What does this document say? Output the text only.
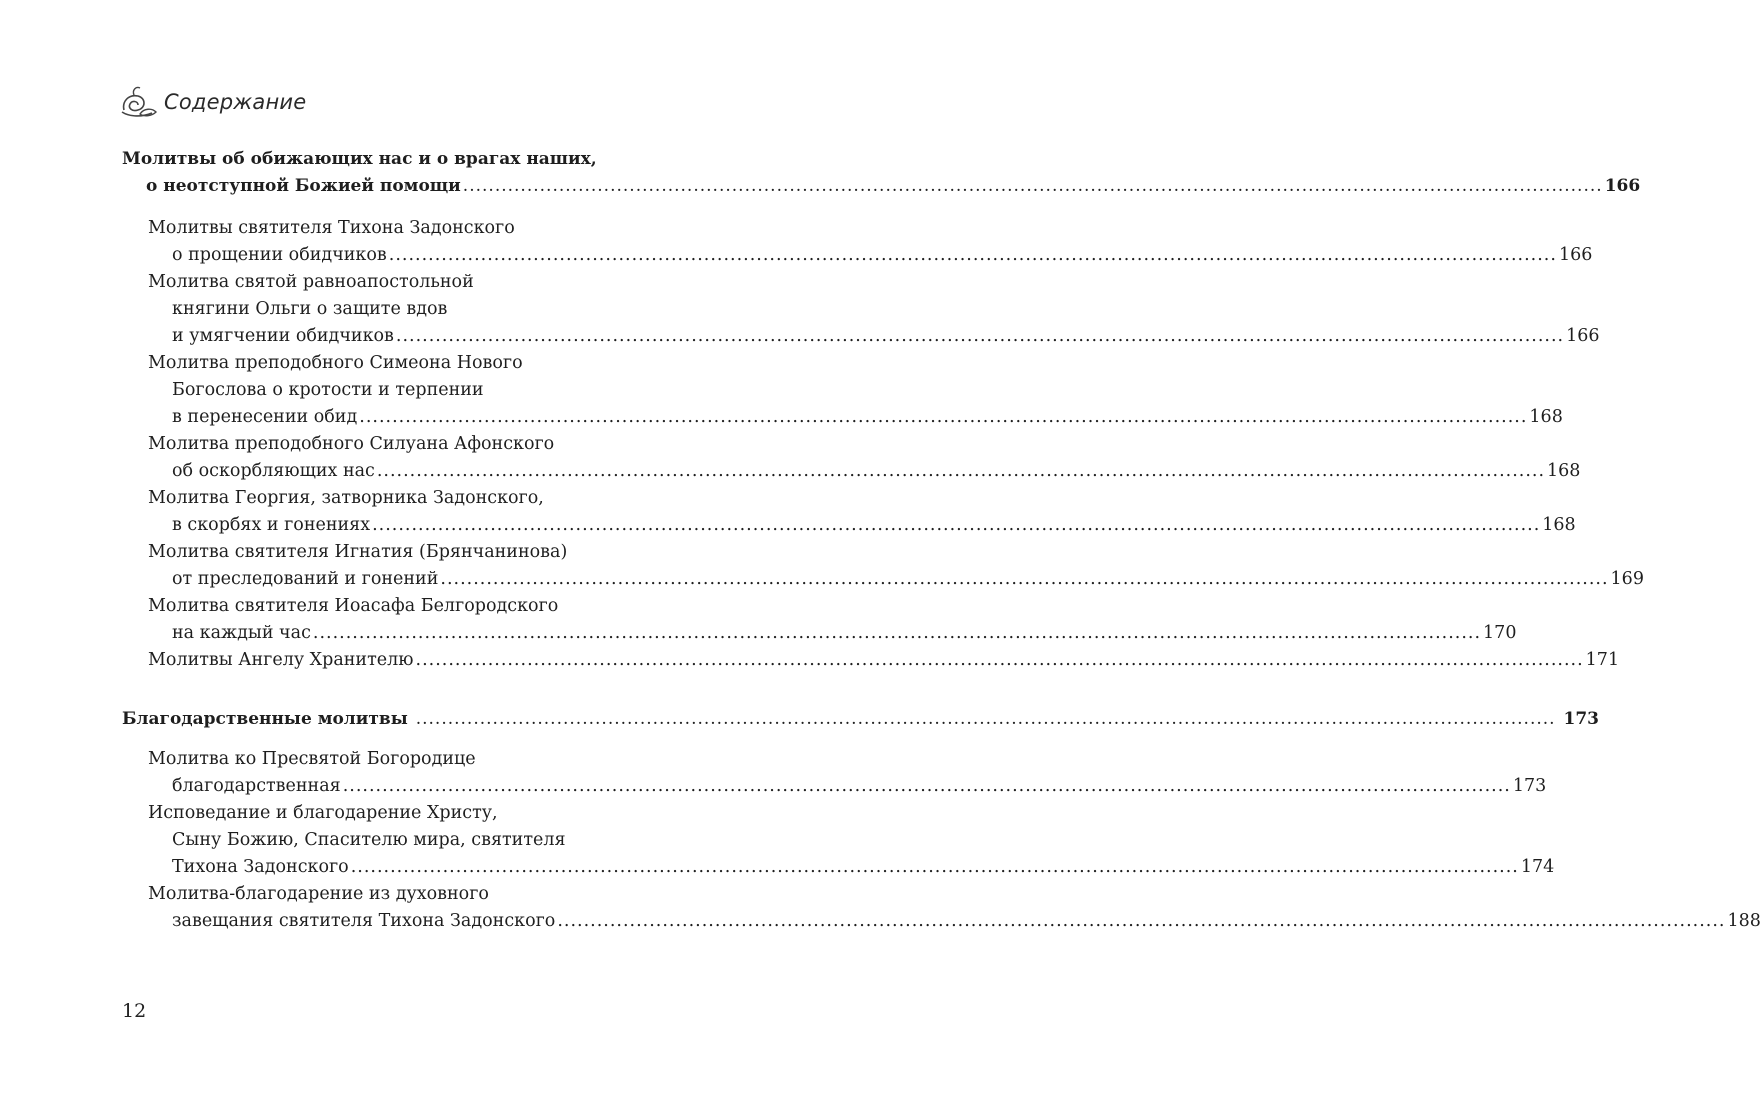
Содержание
Молитвы об обижающих нас и о врагах наших,
о неотступной Божией помощи .....	166
Молитвы святителя Тихона Задонского
о прощении обидчиков .....	166
Молитва святой равноапостольной
княгини Ольги о защите вдов
и умягчении обидчиков .....	166
Молитва преподобного Симеона Нового
Богослова о кротости и терпении
в перенесении обид .....	168
Молитва преподобного Силуана Афонского
об оскорбляющих нас .....	168
Молитва Георгия, затворника Задонского,
в скорбях и гонениях .....	168
Молитва святителя Игнатия (Брянчанинова)
от преследований и гонений .....	169
Молитва святителя Иоасафа Белгородского
на каждый час .....	170
Молитвы Ангелу Хранителю .....	171
Благодарственные молитвы .....	173
Молитва ко Пресвятой Богородице
благодарственная .....	173
Исповедание и благодарение Христу,
Сыну Божию, Спасителю мира, святителя
Тихона Задонского .....	174
Молитва-благодарение из духовного
завещания святителя Тихона Задонского .....	188
12
